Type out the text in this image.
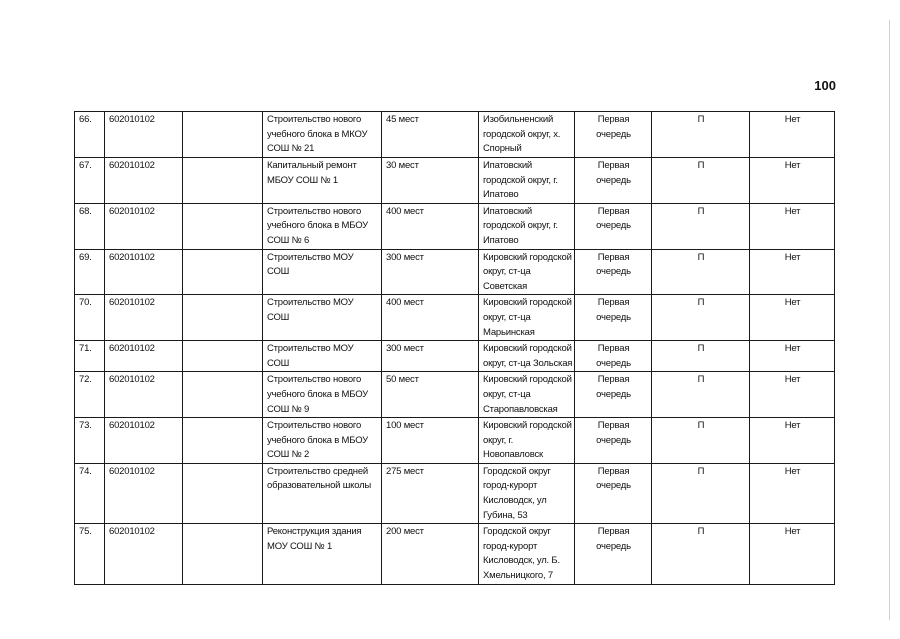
100
66.	602010102		Строительство нового
учебного блока в МКОУ
СОШ № 21	45 мест	Изобильненский
городской округ, х.
Спорный	Первая
очередь	П	Нет
67.	602010102		Капитальный ремонт
МБОУ СОШ № 1	30 мест	Ипатовский
городской округ, г.
Ипатово	Первая
очередь	П	Нет
68.	602010102		Строительство нового
учебного блока в МБОУ
СОШ № 6	400 мест	Ипатовский
городской округ, г.
Ипатово	Первая
очередь	П	Нет
69.	602010102		Строительство МОУ
СОШ	300 мест	Кировский городской
округ, ст-ца
Советская	Первая
очередь	П	Нет
70.	602010102		Строительство МОУ
СОШ	400 мест	Кировский городской
округ, ст-ца
Марьинская	Первая
очередь	П	Нет
71.	602010102		Строительство МОУ
СОШ	300 мест	Кировский городской
округ, ст-ца Зольская	Первая
очередь	П	Нет
72.	602010102		Строительство нового
учебного блока в МБОУ
СОШ № 9	50 мест	Кировский городской
округ, ст-ца
Старопавловская	Первая
очередь	П	Нет
73.	602010102		Строительство нового
учебного блока в МБОУ
СОШ № 2	100 мест	Кировский городской
округ, г.
Новопавловск	Первая
очередь	П	Нет
74.	602010102		Строительство средней
образовательной школы	275 мест	Городской округ
город-курорт
Кисловодск, ул
Губина, 53	Первая
очередь	П	Нет
75.	602010102		Реконструкция здания
МОУ СОШ № 1	200 мест	Городской округ
город-курорт
Кисловодск, ул. Б.
Хмельницкого, 7	Первая
очередь	П	Нет
